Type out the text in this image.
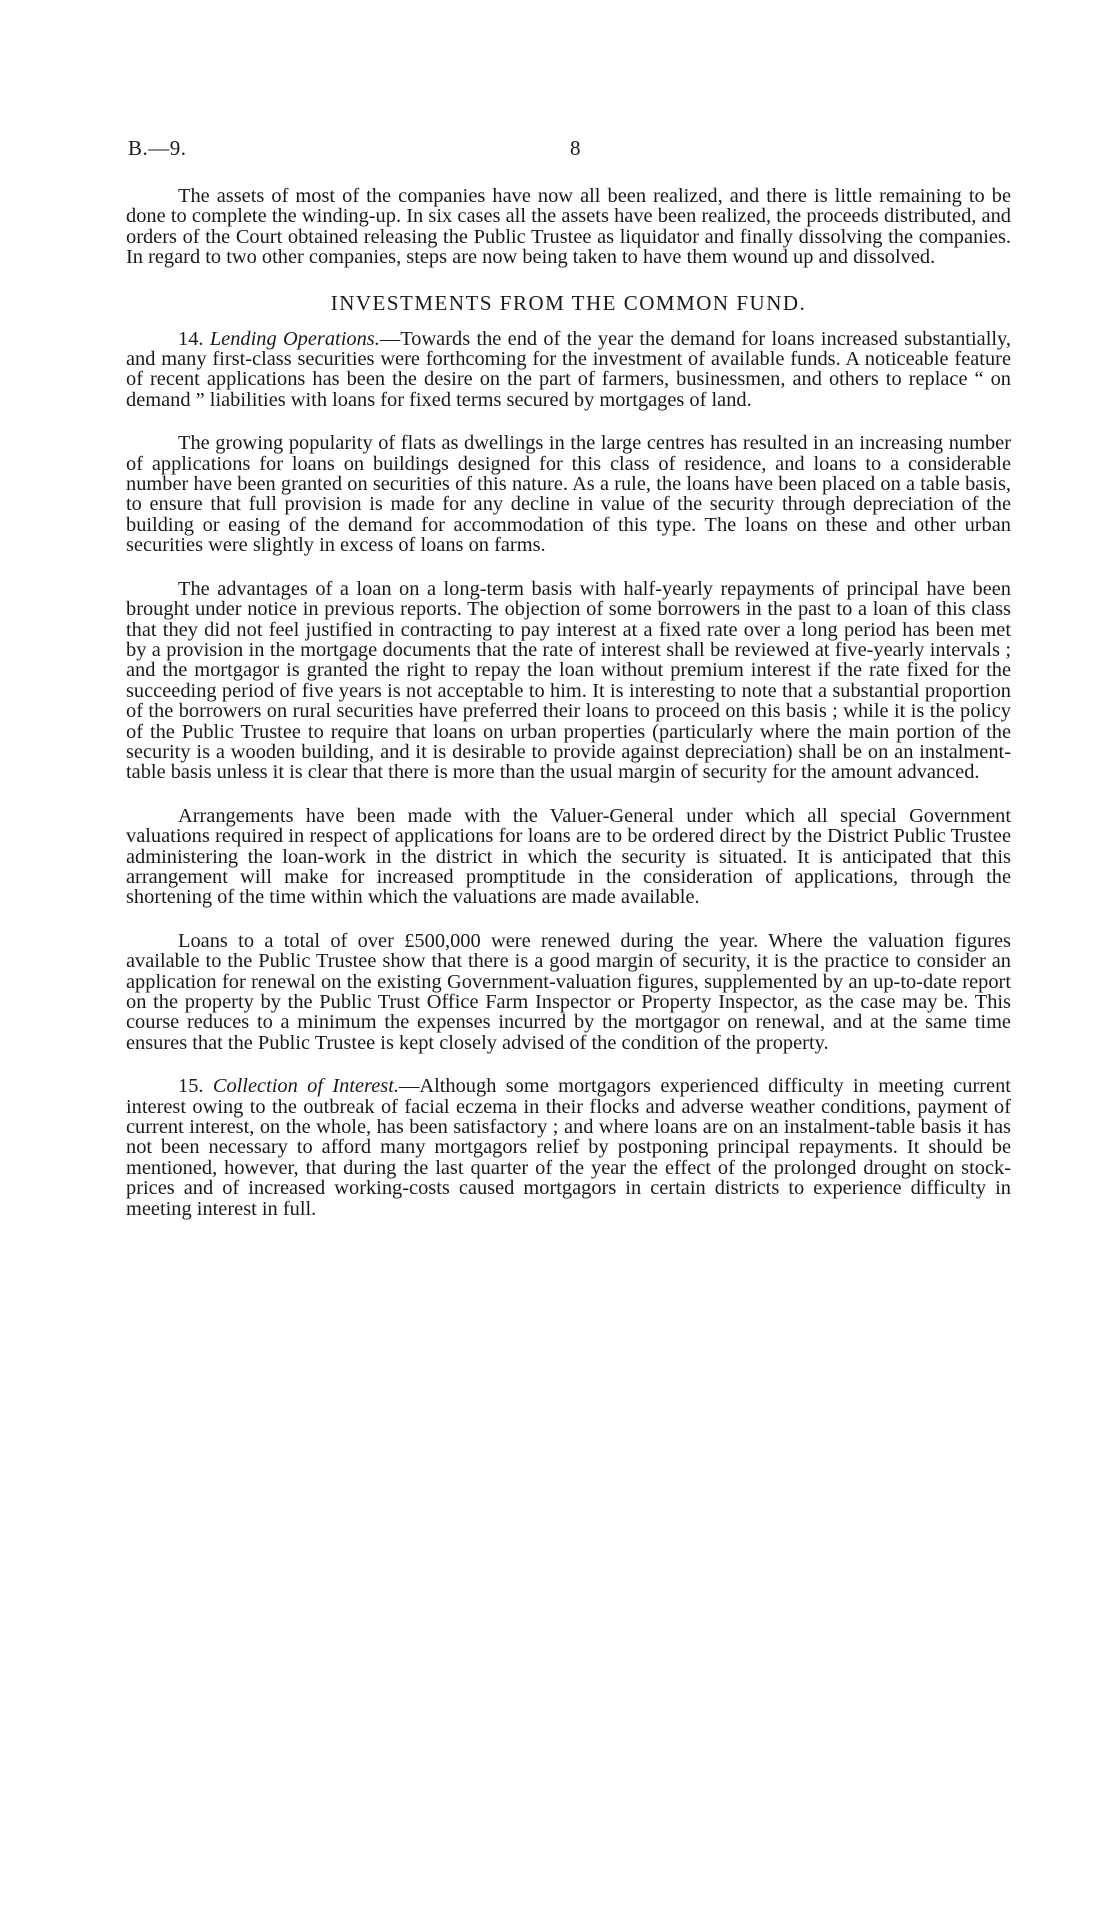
B.—9.	8

The assets of most of the companies have now all been realized, and there is little remaining to be done to complete the winding-up. In six cases all the assets have been realized, the proceeds distributed, and orders of the Court obtained releasing the Public Trustee as liquidator and finally dissolving the companies. In regard to two other companies, steps are now being taken to have them wound up and dissolved.

INVESTMENTS FROM THE COMMON FUND.

14. Lending Operations.—Towards the end of the year the demand for loans increased substantially, and many first-class securities were forthcoming for the investment of available funds. A noticeable feature of recent applications has been the desire on the part of farmers, businessmen, and others to replace “ on demand ” liabilities with loans for fixed terms secured by mortgages of land.

The growing popularity of flats as dwellings in the large centres has resulted in an increasing number of applications for loans on buildings designed for this class of residence, and loans to a considerable number have been granted on securities of this nature. As a rule, the loans have been placed on a table basis, to ensure that full provision is made for any decline in value of the security through depreciation of the building or easing of the demand for accommodation of this type. The loans on these and other urban securities were slightly in excess of loans on farms.

The advantages of a loan on a long-term basis with half-yearly repayments of principal have been brought under notice in previous reports. The objection of some borrowers in the past to a loan of this class that they did not feel justified in contracting to pay interest at a fixed rate over a long period has been met by a provision in the mortgage documents that the rate of interest shall be reviewed at five-yearly intervals ; and the mortgagor is granted the right to repay the loan without premium interest if the rate fixed for the succeeding period of five years is not acceptable to him. It is interesting to note that a substantial proportion of the borrowers on rural securities have preferred their loans to proceed on this basis ; while it is the policy of the Public Trustee to require that loans on urban properties (particularly where the main portion of the security is a wooden building, and it is desirable to provide against depreciation) shall be on an instalment-table basis unless it is clear that there is more than the usual margin of security for the amount advanced.

Arrangements have been made with the Valuer-General under which all special Government valuations required in respect of applications for loans are to be ordered direct by the District Public Trustee administering the loan-work in the district in which the security is situated. It is anticipated that this arrangement will make for increased promptitude in the consideration of applications, through the shortening of the time within which the valuations are made available.

Loans to a total of over £500,000 were renewed during the year. Where the valuation figures available to the Public Trustee show that there is a good margin of security, it is the practice to consider an application for renewal on the existing Government-valuation figures, supplemented by an up-to-date report on the property by the Public Trust Office Farm Inspector or Property Inspector, as the case may be. This course reduces to a minimum the expenses incurred by the mortgagor on renewal, and at the same time ensures that the Public Trustee is kept closely advised of the condition of the property.

15. Collection of Interest.—Although some mortgagors experienced difficulty in meeting current interest owing to the outbreak of facial eczema in their flocks and adverse weather conditions, payment of current interest, on the whole, has been satisfactory ; and where loans are on an instalment-table basis it has not been necessary to afford many mortgagors relief by postponing principal repayments. It should be mentioned, however, that during the last quarter of the year the effect of the prolonged drought on stock-prices and of increased working-costs caused mortgagors in certain districts to experience difficulty in meeting interest in full.
